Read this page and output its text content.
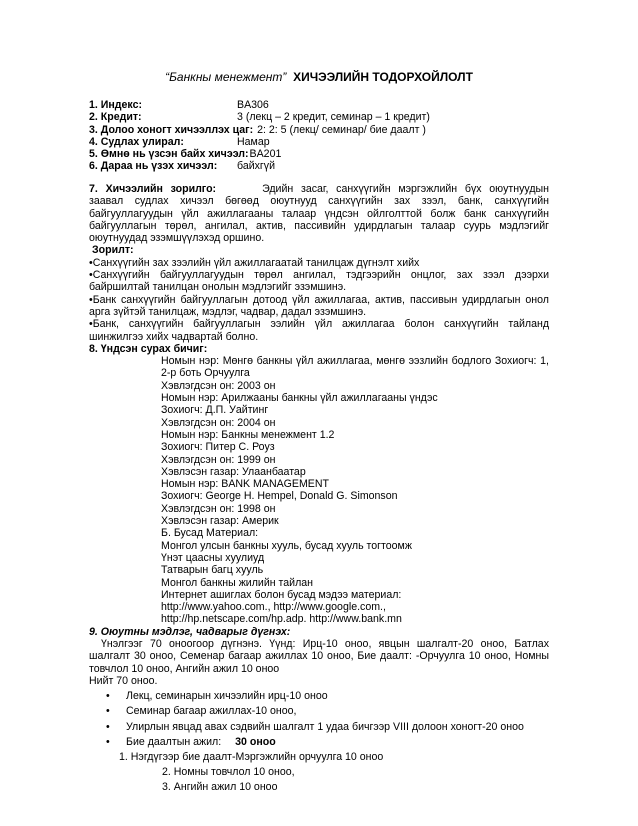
“Банкны менежмент” ХИЧЭЭЛИЙН ТОДОРХОЙЛОЛТ
1. Индекс:	BA306
2. Кредит:	3 (лекц – 2 кредит, семинар – 1 кредит)
3. Долоо хоногт хичээллэх цаг: 2: 2: 5 (лекц/ семинар/ бие даалт )
4. Судлах улирал:	Намар
5. Өмнө нь үзсэн байх хичээл:BA201
6. Дараа нь үзэх хичээл: байхгүй
7. Хичээлийн зорилго:	Эдийн засаг, санхүүгийн мэргэжлийн бүх оюутнуудын заавал судлах хичээл бөгөөд оюутнууд санхүүгийн зах зээл, банк, санхүүгийн байгууллагуудын үйл ажиллагааны талаар үндсэн ойлголттой болж банк санхүүгийн байгууллагын төрөл, ангилал, актив, пассивийн удирдлагын талаар суурь мэдлэгийг оюутнуудад эзэмшүүлэхэд оршино.
Зорилт:
•Санхүүгийн зах зээлийн үйл ажиллагаатай танилцаж дүгнэлт хийх
•Санхүүгийн байгууллагуудын төрөл ангилал, тэдгээрийн онцлог, зах зээл дээрхи байршилтай танилцан онолын мэдлэгийг эзэмшинэ.
•Банк санхүүгийн байгууллагын дотоод үйл ажиллагаа, актив, пассивын удирдлагын онол арга зүйтэй танилцаж, мэдлэг, чадвар, дадал эзэмшинэ.
•Банк, санхүүгийн байгууллагын ээлийн үйл ажиллагаа болон санхүүгийн тайланд шинжилгээ хийх чадвартай болно.
8. Үндсэн сурах бичиг:
Номын нэр: Мөнгө банкны үйл ажиллагаа, мөнгө ээзлийн бодлого Зохиогч: 1, 2-р боть Орчуулга
Хэвлэгдсэн он: 2003 он
Номын нэр: Арилжааны банкны үйл ажиллагааны үндэс
Зохиогч: Д.П. Уайтинг
Хэвлэгдсэн он: 2004 он
Номын нэр: Банкны менежмент 1.2
Зохиогч: Питер С. Роуз
Хэвлэгдсэн он: 1999 он
Хэвлэсэн газар: Улаанбаатар
Номын нэр: BANK MANAGEMENT
Зохиогч: George H. Hempel, Donald G. Simonson
Хэвлэгдсэн он: 1998 он
Хэвлэсэн газар: Америк
Б. Бусад Материал:
Монгол улсын банкны хууль, бусад хууль тогтоомж
Үнэт цаасны хуулиуд
Татварын багц хууль
Монгол банкны жилийн тайлан
Интернет ашиглах болон бусад мэдээ материал:
http://www.yahoo.com., http://www.google.com.,
http://hp.netscape.com/hp.adp. http://www.bank.mn
9. Оюутны мэдлэг, чадварыг дүгнэх:
Үнэлгээг 70 оноогоор дүгнэнэ. Үүнд: Ирц-10 оноо, явцын шалгалт-20 оноо, Батлах шалгалт 30 оноо, Семенар багаар ажиллах 10 оноо, Бие даалт: -Орчуулга 10 оноо, Номны товчлол 10 оноо, Ангийн ажил 10 оноо
Нийт 70 оноо.
• Лекц, семинарын хичээлийн ирц-10 оноо
• Семинар багаар ажиллах-10 оноо,
• Улирлын явцад авах сэдвийн шалгалт 1 удаа бичгээр VIII долоон хоногт-20 оноо
• Бие даалтын ажил: 30 оноо
1. Нэгдүгээр бие даалт-Мэргэжлийн орчуулга 10 оноо
2. Номны товчлол 10 оноо,
3. Ангийн ажил 10 оноо
